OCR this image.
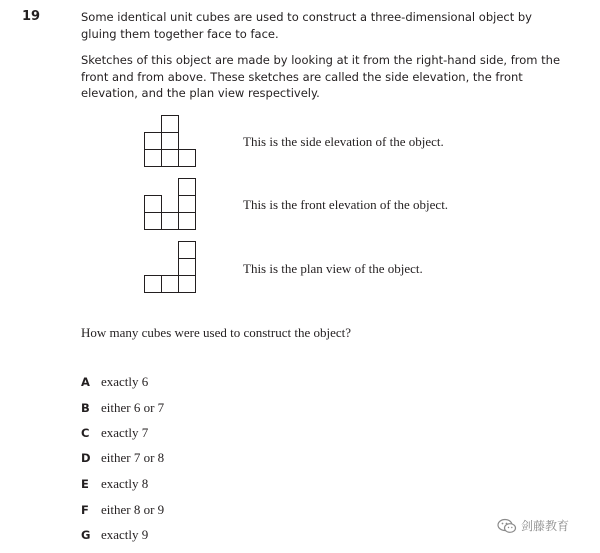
19	Some identical unit cubes are used to construct a three-dimensional object by gluing them together face to face.
Sketches of this object are made by looking at it from the right-hand side, from the front and from above. These sketches are called the side elevation, the front elevation, and the plan view respectively.
This is the side elevation of the object.
This is the front elevation of the object.
This is the plan view of the object.
How many cubes were used to construct the object?
A exactly 6
B either 6 or 7
C exactly 7
D either 7 or 8
E exactly 8
F either 8 or 9
G exactly 9
剑藤教育
